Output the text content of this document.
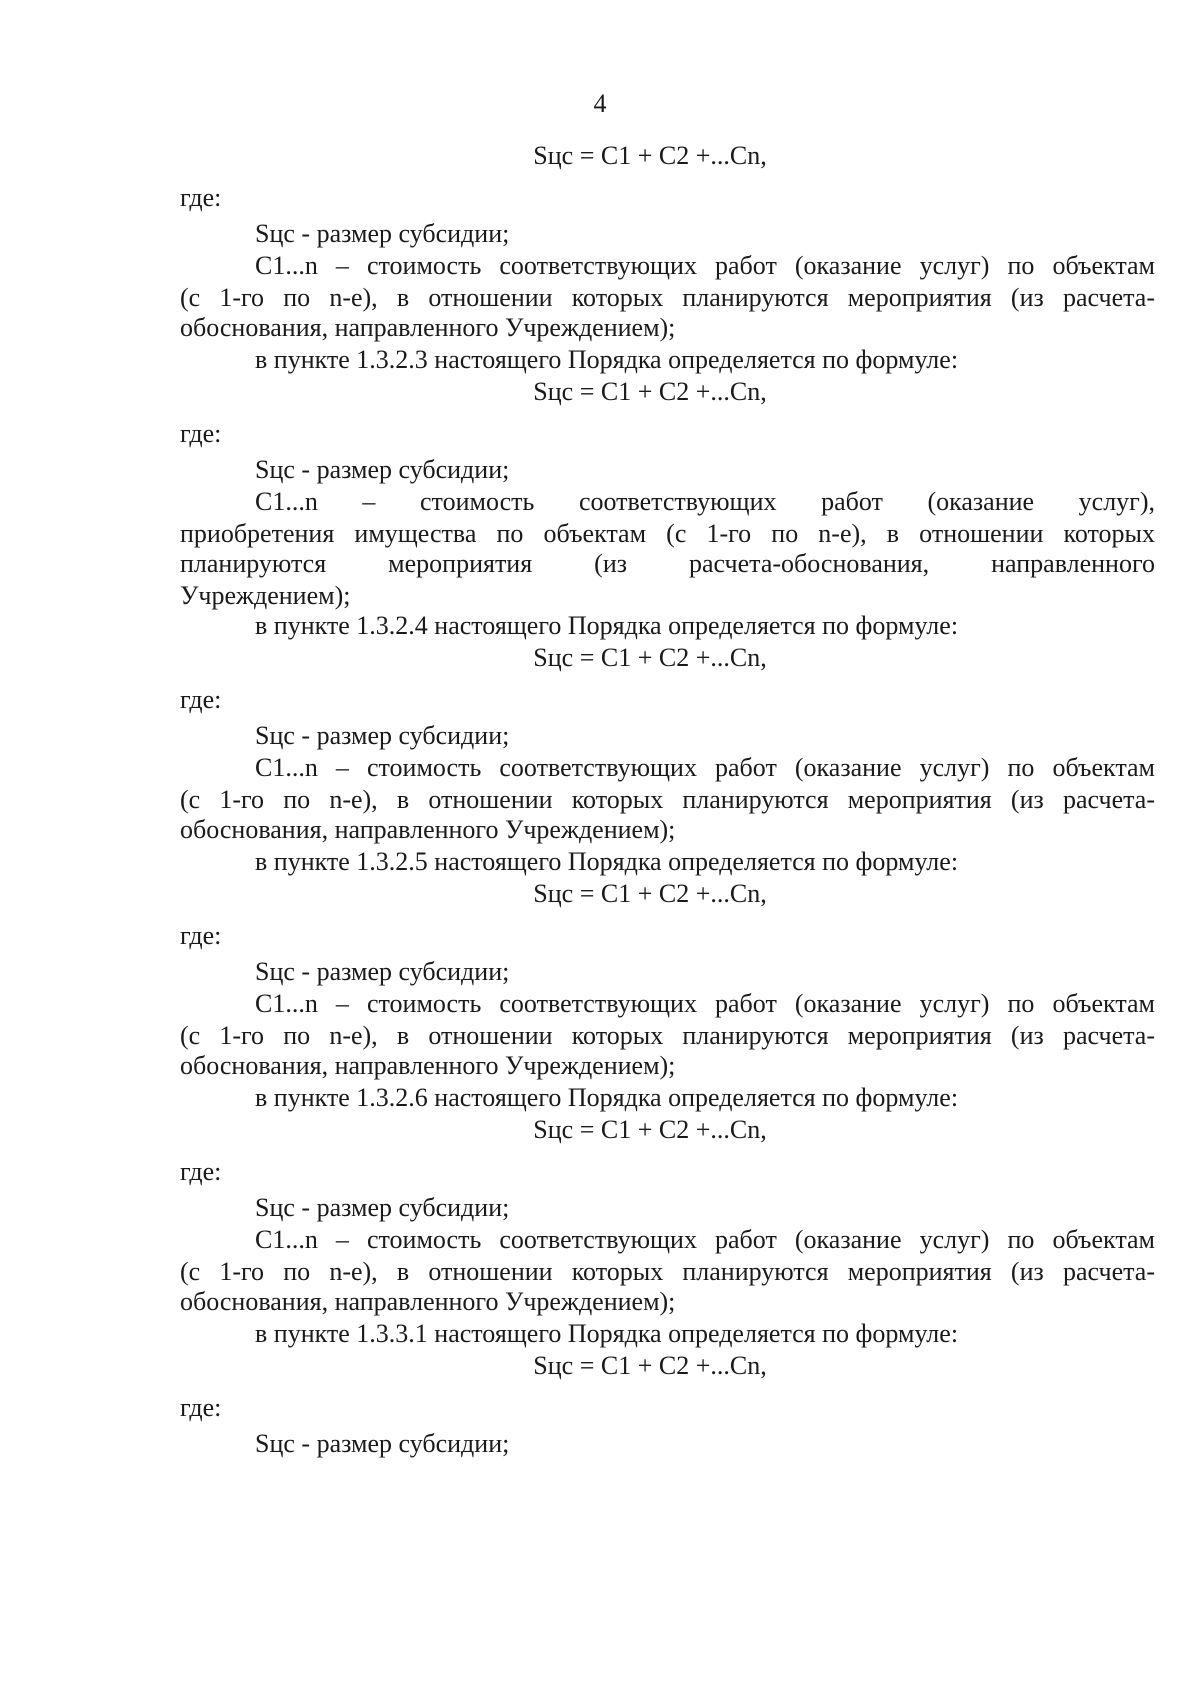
4
Sцс = С1 + С2 +...Сn,
где:
Sцс - размер субсидии;
С1...n – стоимость соответствующих работ (оказание услуг) по объектам
(с 1-го по n-е), в отношении которых планируются мероприятия (из расчета-
обоснования, направленного Учреждением);
в пункте 1.3.2.3 настоящего Порядка определяется по формуле:
Sцс = С1 + С2 +...Сn,
где:
Sцс - размер субсидии;
С1...n – стоимость соответствующих работ (оказание услуг),
приобретения имущества по объектам (с 1-го по n-е), в отношении которых
планируются мероприятия (из расчета-обоснования, направленного
Учреждением);
в пункте 1.3.2.4 настоящего Порядка определяется по формуле:
Sцс = С1 + С2 +...Сn,
где:
Sцс - размер субсидии;
С1...n – стоимость соответствующих работ (оказание услуг) по объектам
(с 1-го по n-е), в отношении которых планируются мероприятия (из расчета-
обоснования, направленного Учреждением);
в пункте 1.3.2.5 настоящего Порядка определяется по формуле:
Sцс = С1 + С2 +...Сn,
где:
Sцс - размер субсидии;
С1...n – стоимость соответствующих работ (оказание услуг) по объектам
(с 1-го по n-е), в отношении которых планируются мероприятия (из расчета-
обоснования, направленного Учреждением);
в пункте 1.3.2.6 настоящего Порядка определяется по формуле:
Sцс = С1 + С2 +...Сn,
где:
Sцс - размер субсидии;
С1...n – стоимость соответствующих работ (оказание услуг) по объектам
(с 1-го по n-е), в отношении которых планируются мероприятия (из расчета-
обоснования, направленного Учреждением);
в пункте 1.3.3.1 настоящего Порядка определяется по формуле:
Sцс = С1 + С2 +...Сn,
где:
Sцс - размер субсидии;
